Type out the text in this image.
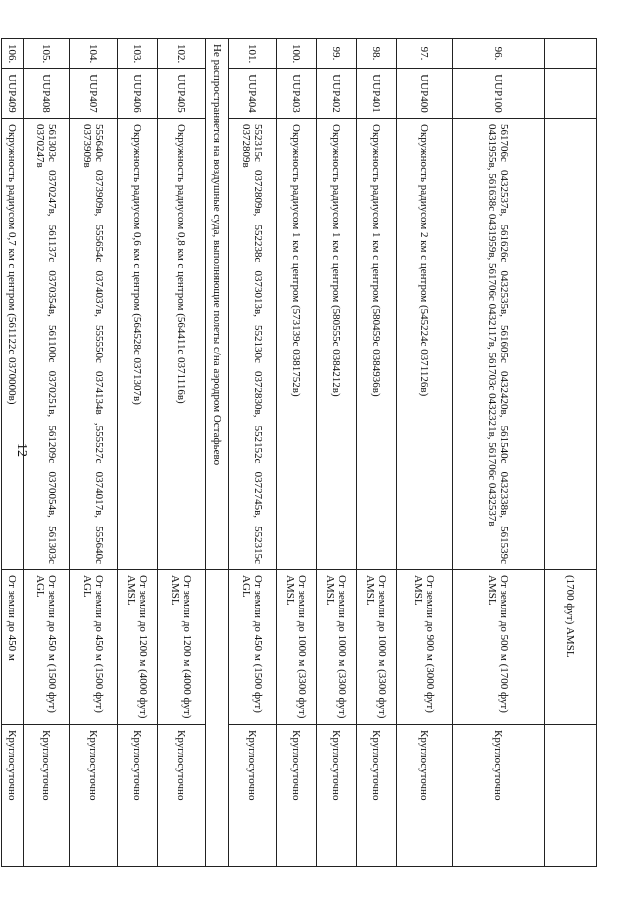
12
			(1700 фут) AMSL	
96.	UUP100	561706с 0432537в, 561626с 0432535в, 561605с 0432420в, 561540с 0432338в, 561539с 0431955в, 561638с 0431959в, 561706с 0432117в, 561703с 0432321в, 561706с 0432537в	От земли до 500 м (1700 фут) AMSL	Круглосуточно
97.	UUP400	Окружность радиусом 2 км с центром (545224с 0371126в)	От земли до 900 м (3000 фут) AMSL	Круглосуточно
98.	UUP401	Окружность радиусом 1 км с центром (580459с 0384936в)	От земли до 1000 м (3300 фут) AMSL	Круглосуточно
99.	UUP402	Окружность радиусом 1 км с центром (580555с 0384212в)	От земли до 1000 м (3300 фут) AMSL	Круглосуточно
100.	UUP403	Окружность радиусом 1 км с центром (573139с 0381752в)	От земли до 1000 м (3300 фут) AMSL	Круглосуточно
101.	UUP404	552315с 0372809в, 552238с 0373013в, 552130с 0372830в, 552152с 0372745в, 552315с 0372809в	От земли до 450 м (1500 фут) AGL	Круглосуточно
Не распространяется на воздушные суда, выполняющие полеты с/на аэродром Остафьево				
102.	UUP405	Окружность радиусом 0,8 км с центром (564411с 0371116в)	От земли до 1200 м (4000 фут) AMSL	Круглосуточно
103.	UUP406	Окружность радиусом 0,6 км с центром (564528с 0371307в)	От земли до 1200 м (4000 фут) AMSL	Круглосуточно
104.	UUP407	555640с 0373909в, 555654с 0374037в, 555550с 0374134в ,555527с 0374017в, 555640с 0373909в	От земли до 450 м (1500 фут) AGL	Круглосуточно
105.	UUP408	561303с 0370247в, 561137с 0370354в, 561100с 0370251в, 561209с 0370054в, 561303с 0370247в	От земли до 450 м (1500 фут) AGL	Круглосуточно
106.	UUP409	Окружность радиусом 0,7 км с центром (561122с 0370000в)	От земли до 450 м	Круглосуточно
